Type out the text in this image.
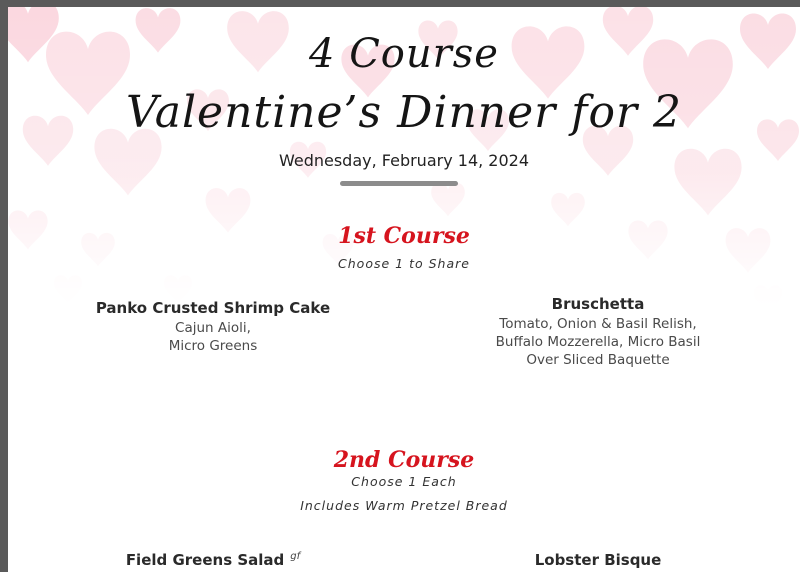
4 Course
Valentine’s Dinner for 2
Wednesday, February 14, 2024
1st Course
Choose 1 to Share
Panko Crusted Shrimp Cake
Cajun Aioli,
Micro Greens
Bruschetta
Tomato, Onion & Basil Relish,
Buffalo Mozzerella, Micro Basil
Over Sliced Baquette
2nd Course
Choose 1 Each
Includes Warm Pretzel Bread
Field Greens Salad $^{gf}$	Lobster Bisque
